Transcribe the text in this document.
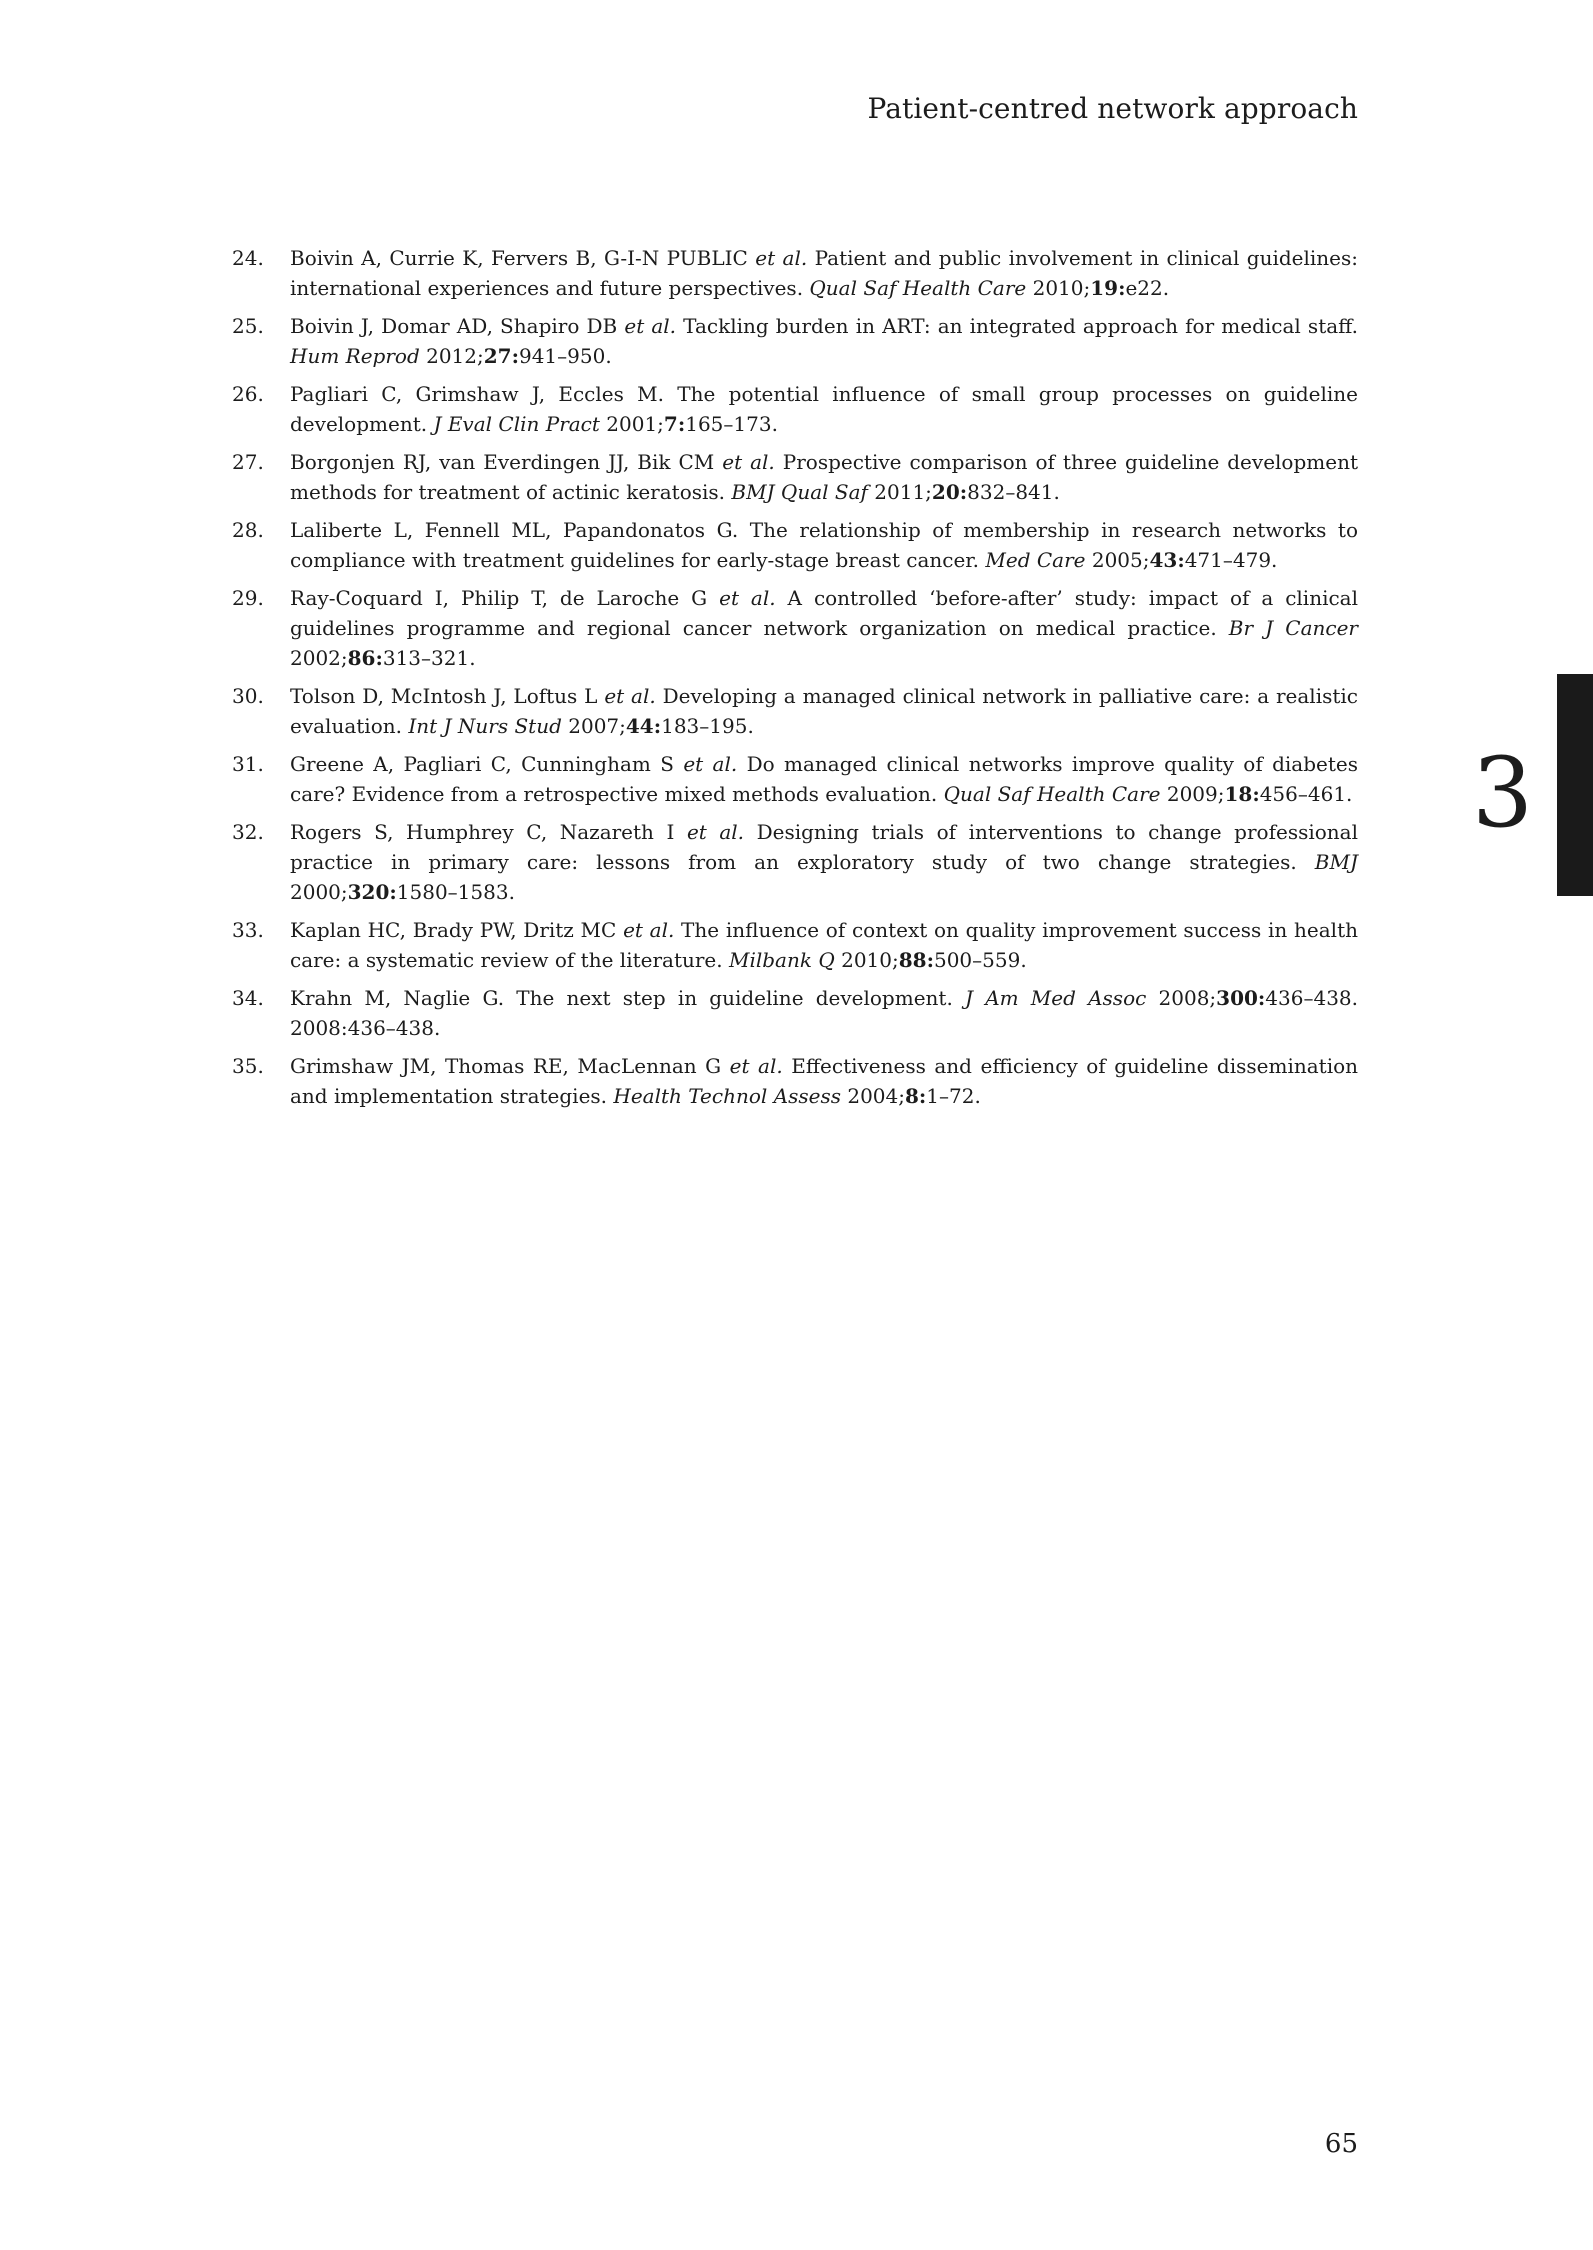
Patient-centred network approach
24. Boivin A, Currie K, Fervers B, G-I-N PUBLIC et al. Patient and public involvement in clinical guidelines: international experiences and future perspectives. Qual Saf Health Care 2010;19:e22.
25. Boivin J, Domar AD, Shapiro DB et al. Tackling burden in ART: an integrated approach for medical staff. Hum Reprod 2012;27:941–950.
26. Pagliari C, Grimshaw J, Eccles M. The potential influence of small group processes on guideline development. J Eval Clin Pract 2001;7:165–173.
27. Borgonjen RJ, van Everdingen JJ, Bik CM et al. Prospective comparison of three guideline development methods for treatment of actinic keratosis. BMJ Qual Saf 2011;20:832–841.
28. Laliberte L, Fennell ML, Papandonatos G. The relationship of membership in research networks to compliance with treatment guidelines for early-stage breast cancer. Med Care 2005;43:471–479.
29. Ray-Coquard I, Philip T, de Laroche G et al. A controlled ‘before-after’ study: impact of a clinical guidelines programme and regional cancer network organization on medical practice. Br J Cancer 2002;86:313–321.
30. Tolson D, McIntosh J, Loftus L et al. Developing a managed clinical network in palliative care: a realistic evaluation. Int J Nurs Stud 2007;44:183–195.
31. Greene A, Pagliari C, Cunningham S et al. Do managed clinical networks improve quality of diabetes care? Evidence from a retrospective mixed methods evaluation. Qual Saf Health Care 2009;18:456–461.
32. Rogers S, Humphrey C, Nazareth I et al. Designing trials of interventions to change professional practice in primary care: lessons from an exploratory study of two change strategies. BMJ 2000;320:1580–1583.
33. Kaplan HC, Brady PW, Dritz MC et al. The influence of context on quality improvement success in health care: a systematic review of the literature. Milbank Q 2010;88:500–559.
34. Krahn M, Naglie G. The next step in guideline development. J Am Med Assoc 2008;300:436–438. 2008:436–438.
35. Grimshaw JM, Thomas RE, MacLennan G et al. Effectiveness and efficiency of guideline dissemination and implementation strategies. Health Technol Assess 2004;8:1–72.
3
65
